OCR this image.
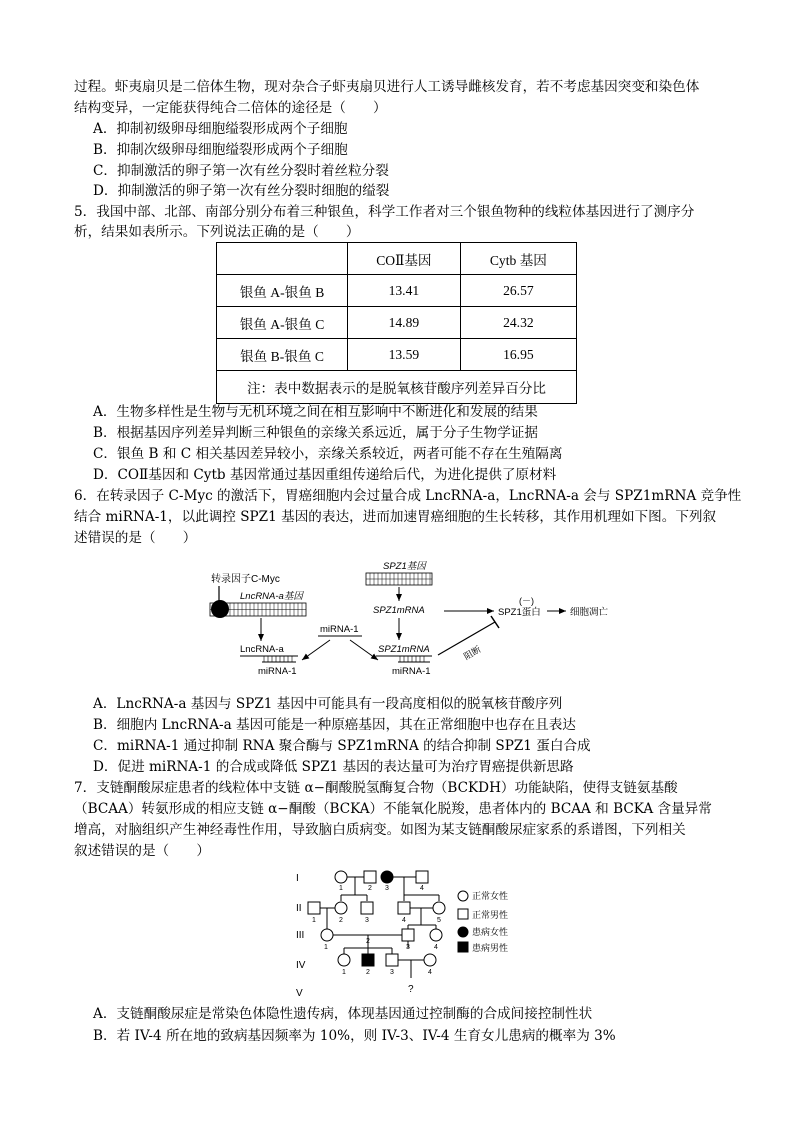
过程。虾夷扇贝是二倍体生物，现对杂合子虾夷扇贝进行人工诱导雌核发育，若不考虑基因突变和染色体
结构变异，一定能获得纯合二倍体的途径是（　　）
A．抑制初级卵母细胞缢裂形成两个子细胞
B．抑制次级卵母细胞缢裂形成两个子细胞
C．抑制激活的卵子第一次有丝分裂时着丝粒分裂
D．抑制激活的卵子第一次有丝分裂时细胞的缢裂
5．我国中部、北部、南部分别分布着三种银鱼，科学工作者对三个银鱼物种的线粒体基因进行了测序分
析，结果如表所示。下列说法正确的是（　　）
	COⅡ基因	Cytb 基因
银鱼 A-银鱼 B	13.41	26.57
银鱼 A-银鱼 C	14.89	24.32
银鱼 B-银鱼 C	13.59	16.95
注：表中数据表示的是脱氧核苷酸序列差异百分比		
A．生物多样性是生物与无机环境之间在相互影响中不断进化和发展的结果
B．根据基因序列差异判断三种银鱼的亲缘关系远近，属于分子生物学证据
C．银鱼 B 和 C 相关基因差异较小，亲缘关系较近，两者可能不存在生殖隔离
D．COⅡ基因和 Cytb 基因常通过基因重组传递给后代，为进化提供了原材料
6．在转录因子 C-Myc 的激活下，胃癌细胞内会过量合成 LncRNA-a，LncRNA-a 会与 SPZ1mRNA 竞争性
结合 miRNA-1，以此调控 SPZ1 基因的表达，进而加速胃癌细胞的生长转移，其作用机理如下图。下列叙
述错误的是（　　）
转录因子C-Myc
LncRNA-a基因
LncRNA-a
miRNA-1
miRNA-1
SPZ1基因
SPZ1mRNA	SPZ1蛋白
(－)
细胞凋亡
SPZ1mRNA
miRNA-1
阻断
A．LncRNA-a 基因与 SPZ1 基因中可能具有一段高度相似的脱氧核苷酸序列
B．细胞内 LncRNA-a 基因可能是一种原癌基因，其在正常细胞中也存在且表达
C．miRNA-1 通过抑制 RNA 聚合酶与 SPZ1mRNA 的结合抑制 SPZ1 蛋白合成
D．促进 miRNA-1 的合成或降低 SPZ1 基因的表达量可为治疗胃癌提供新思路
7．支链酮酸尿症患者的线粒体中支链 α−酮酸脱氢酶复合物（BCKDH）功能缺陷，使得支链氨基酸
（BCAA）转氨形成的相应支链 α−酮酸（BCKA）不能氧化脱羧，患者体内的 BCAA 和 BCKA 含量异常
增高，对脑组织产生神经毒性作用，导致脑白质病变。如图为某支链酮酸尿症家系的系谱图，下列相关
叙述错误的是（　　）
I
II
III
IV
V
1	2 3	4
1	2	3	4	5
1
2
3	4
1	2	3	4
?
正常女性
正常男性
患病女性
患病男性
A．支链酮酸尿症是常染色体隐性遗传病，体现基因通过控制酶的合成间接控制性状
B．若 IV-4 所在地的致病基因频率为 10%，则 IV-3、IV-4 生育女儿患病的概率为 3%
